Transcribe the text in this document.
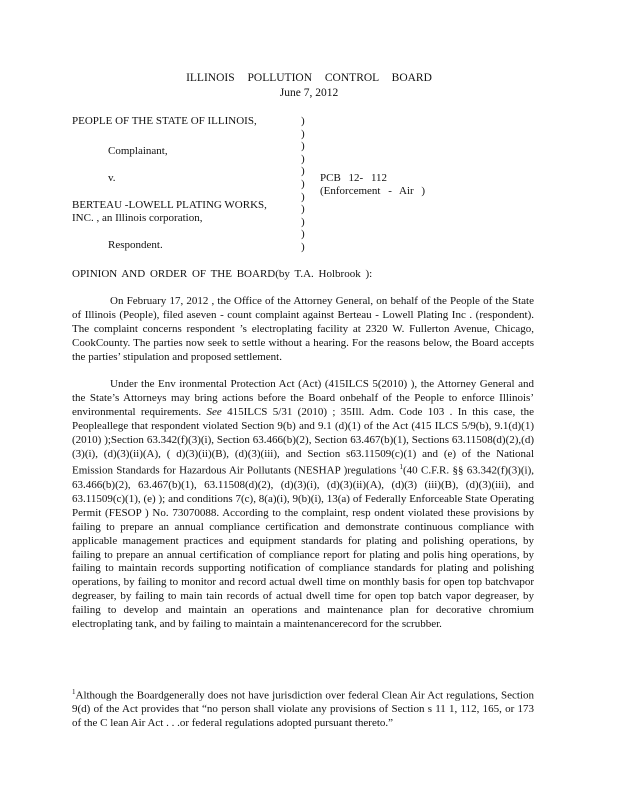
ILLINOIS POLLUTION CONTROL BOARD
June 7, 2012
PEOPLE OF THE STATE OF ILLINOIS,
Complainant,
v.
BERTEAU -LOWELL PLATING WORKS,
INC. , an Illinois corporation,
Respondent.
)
)
)
)
)
)
)
)
)
)
)
PCB 12- 112
(Enforcement - Air )
OPINION AND ORDER OF THE BOARD(by T.A. Holbrook ):

On February 17, 2012 , the Office of the Attorney General, on behalf of the People of the State of Illinois (People), filed aseven - count complaint against Berteau - Lowell Plating Inc . (respondent). The complaint concerns respondent ’s electroplating facility at 2320 W. Fullerton Avenue, Chicago, CookCounty. The parties now seek to settle without a hearing. For the reasons below, the Board accepts the parties’ stipulation and proposed settlement.

Under the Env ironmental Protection Act (Act) (415ILCS 5(2010) ), the Attorney General and the State’s Attorneys may bring actions before the Board onbehalf of the People to enforce Illinois’ environmental requirements. See 415ILCS 5/31 (2010) ; 35Ill. Adm. Code 103 . In this case, the Peopleallege that respondent violated Section 9(b) and 9.1 (d)(1) of the Act (415 ILCS 5/9(b), 9.1(d)(1) (2010) );Section 63.342(f)(3)(i), Section 63.466(b)(2), Section 63.467(b)(1), Sections 63.11508(d)(2),(d)(3)(i), (d)(3)(ii)(A), ( d)(3)(ii)(B), (d)(3)(iii), and Section s63.11509(c)(1) and (e) of the National Emission Standards for Hazardous Air Pollutants (NESHAP )regulations $^1$(40 C.F.R. §§ 63.342(f)(3)(i), 63.466(b)(2), 63.467(b)(1), 63.11508(d)(2), (d)(3)(i), (d)(3)(ii)(A), (d)(3) (iii)(B), (d)(3)(iii), and 63.11509(c)(1), (e) ); and conditions 7(c), 8(a)(i), 9(b)(i), 13(a) of Federally Enforceable State Operating Permit (FESOP ) No. 73070088. According to the complaint, resp ondent violated these provisions by failing to prepare an annual compliance certification and demonstrate continuous compliance with applicable management practices and equipment standards for plating and polishing operations, by failing to prepare an annual certification of compliance report for plating and polis hing operations, by failing to maintain records supporting notification of compliance standards for plating and polishing operations, by failing to monitor and record actual dwell time on monthly basis for open top batchvapor degreaser, by failing to main tain records of actual dwell time for open top batch vapor degreaser, by failing to develop and maintain an operations and maintenance plan for decorative chromium electroplating tank, and by failing to maintain a maintenancerecord for the scrubber.

$^1$Although the Boardgenerally does not have jurisdiction over federal Clean Air Act regulations, Section 9(d) of the Act provides that “no person shall violate any provisions of Section s 11 1, 112, 165, or 173 of the C lean Air Act . . .or federal regulations adopted pursuant thereto.”
